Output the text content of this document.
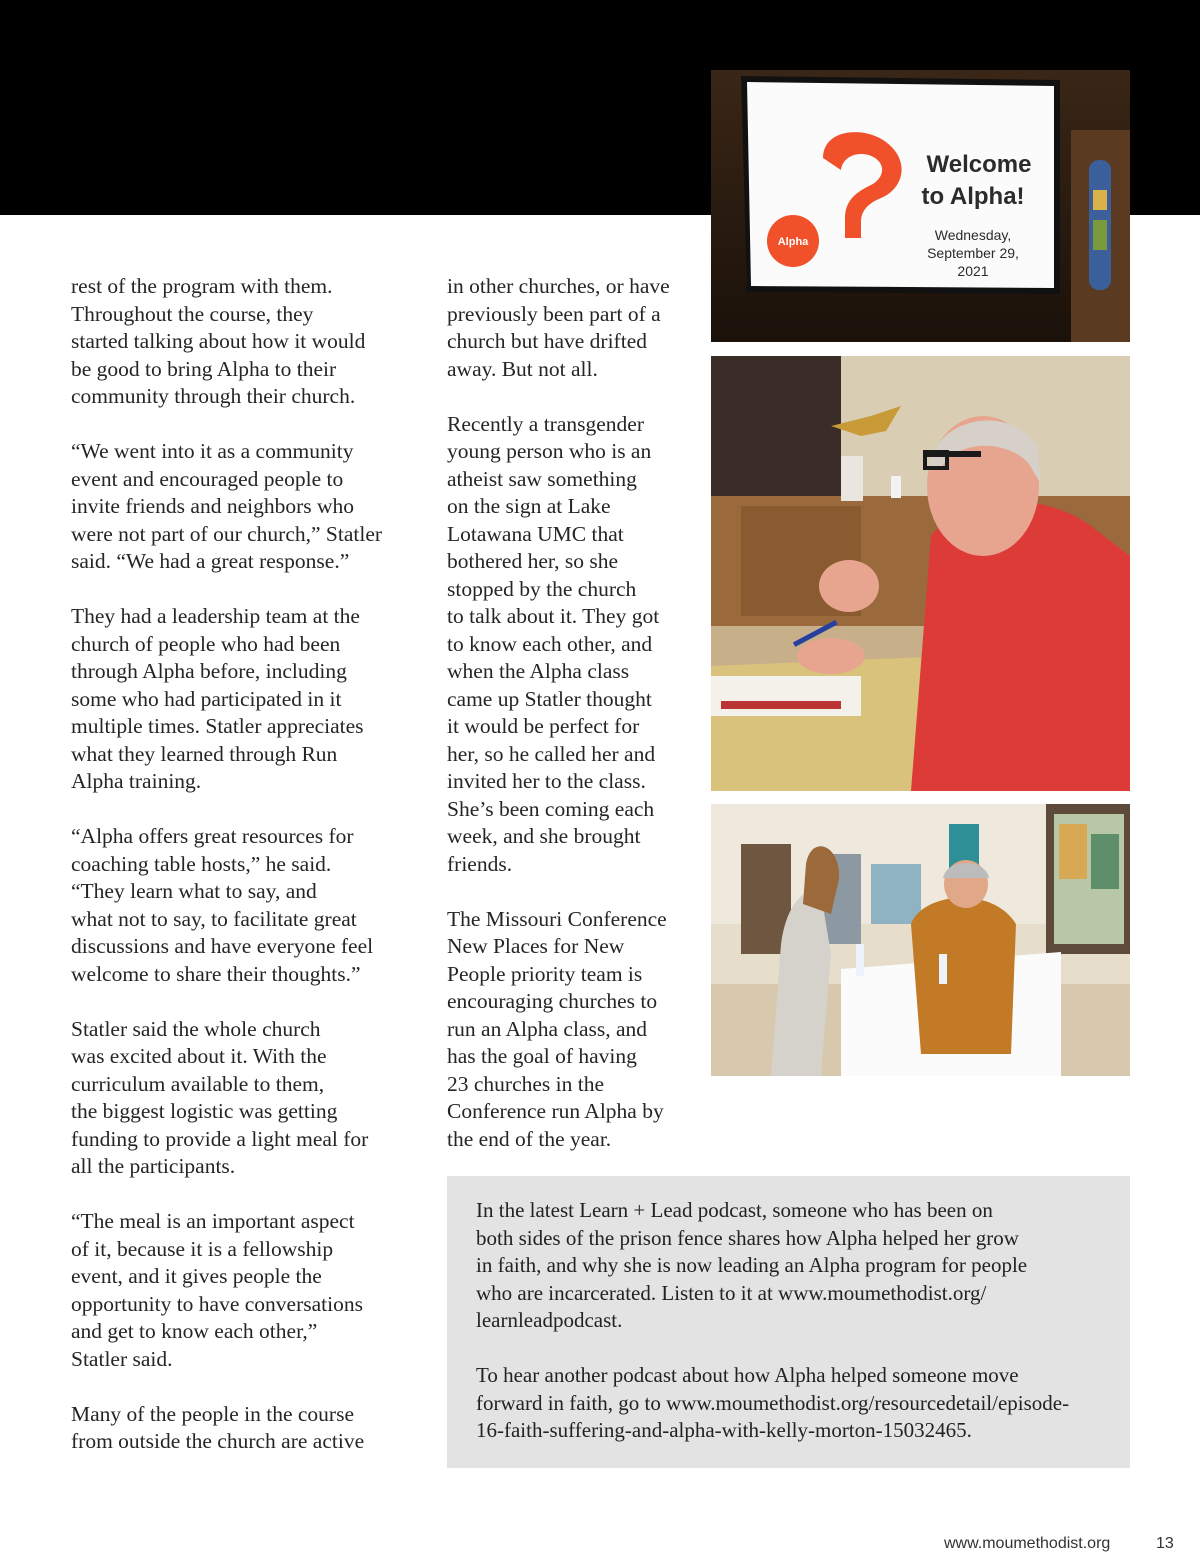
rest of the program with them.
Throughout the course, they
started talking about how it would
be good to bring Alpha to their
community through their church.

“We went into it as a community
event and encouraged people to
invite friends and neighbors who
were not part of our church,” Statler
said. “We had a great response.”

They had a leadership team at the
church of people who had been
through Alpha before, including
some who had participated in it
multiple times. Statler appreciates
what they learned through Run
Alpha training.

“Alpha offers great resources for
coaching table hosts,” he said.
“They learn what to say, and
what not to say, to facilitate great
discussions and have everyone feel
welcome to share their thoughts.”

Statler said the whole church
was excited about it. With the
curriculum available to them,
the biggest logistic was getting
funding to provide a light meal for
all the participants.

“The meal is an important aspect
of it, because it is a fellowship
event, and it gives people the
opportunity to have conversations
and get to know each other,”
Statler said.

Many of the people in the course
from outside the church are active

in other churches, or have
previously been part of a
church but have drifted
away. But not all.

Recently a transgender
young person who is an
atheist saw something
on the sign at Lake
Lotawana UMC that
bothered her, so she
stopped by the church
to talk about it. They got
to know each other, and
when the Alpha class
came up Statler thought
it would be perfect for
her, so he called her and
invited her to the class.
She’s been coming each
week, and she brought
friends.

The Missouri Conference
New Places for New
People priority team is
encouraging churches to
run an Alpha class, and
has the goal of having
23 churches in the
Conference run Alpha by
the end of the year.

Alpha
Welcome
to Alpha!
Wednesday,
September 29,
2021

In the latest Learn + Lead podcast, someone who has been on
both sides of the prison fence shares how Alpha helped her grow
in faith, and why she is now leading an Alpha program for people
who are incarcerated. Listen to it at www.moumethodist.org/
learnleadpodcast.

To hear another podcast about how Alpha helped someone move
forward in faith, go to www.moumethodist.org/resourcedetail/episode-
16-faith-suffering-and-alpha-with-kelly-morton-15032465.

www.moumethodist.org	13
